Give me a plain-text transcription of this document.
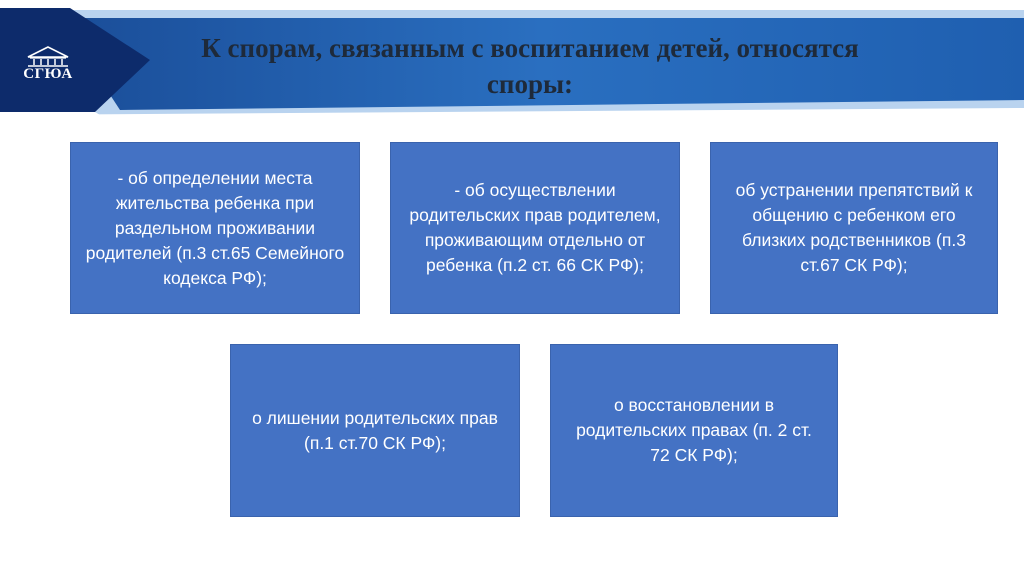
СГЮА
К спорам, связанным с воспитанием детей, относятся
споры:
- об определении места жительства ребенка при раздельном проживании родителей (п.3 ст.65 Семейного кодекса РФ);
- об осуществлении родительских прав родителем, проживающим отдельно от ребенка (п.2 ст. 66 СК РФ);
об устранении препятствий к общению с ребенком его близких родственников (п.3 ст.67 СК РФ);
о лишении родительских прав (п.1 ст.70 СК РФ);
о восстановлении в родительских правах (п. 2 ст. 72 СК РФ);
